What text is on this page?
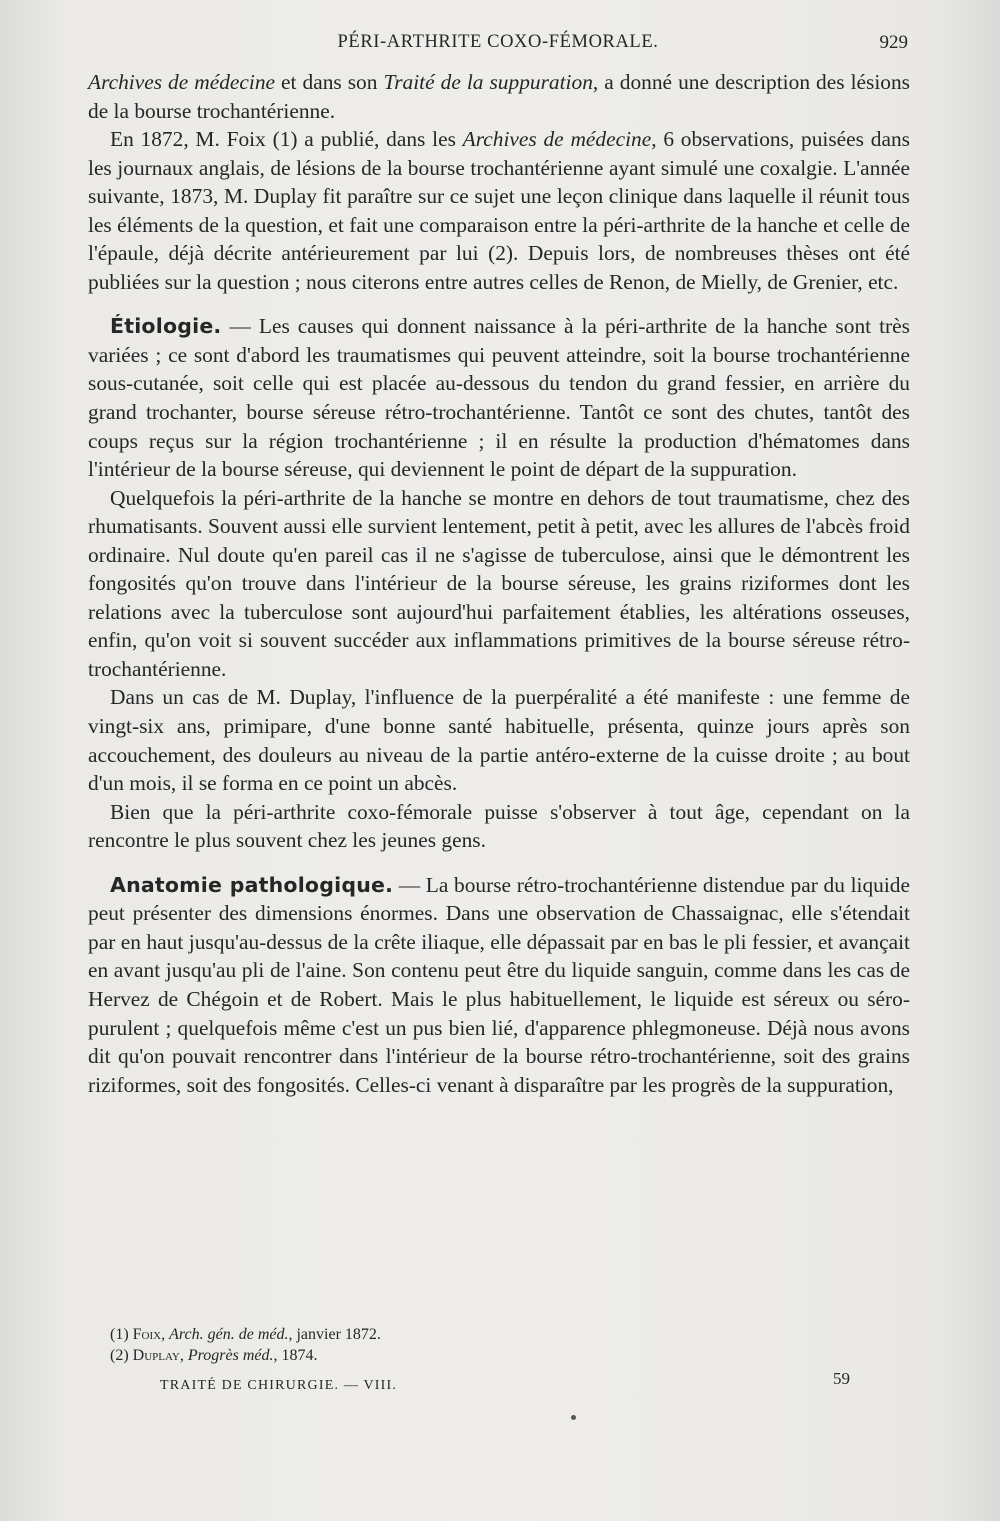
PÉRI-ARTHRITE COXO-FÉMORALE.	929

Archives de médecine et dans son Traité de la suppuration, a donné une description des lésions de la bourse trochantérienne.

En 1872, M. Foix (1) a publié, dans les Archives de médecine, 6 observations, puisées dans les journaux anglais, de lésions de la bourse trochantérienne ayant simulé une coxalgie. L'année suivante, 1873, M. Duplay fit paraître sur ce sujet une leçon clinique dans laquelle il réunit tous les éléments de la question, et fait une comparaison entre la péri-arthrite de la hanche et celle de l'épaule, déjà décrite antérieurement par lui (2). Depuis lors, de nombreuses thèses ont été publiées sur la question ; nous citerons entre autres celles de Renon, de Mielly, de Grenier, etc.

Étiologie. — Les causes qui donnent naissance à la péri-arthrite de la hanche sont très variées ; ce sont d'abord les traumatismes qui peuvent atteindre, soit la bourse trochantérienne sous-cutanée, soit celle qui est placée au-dessous du tendon du grand fessier, en arrière du grand trochanter, bourse séreuse rétro-trochantérienne. Tantôt ce sont des chutes, tantôt des coups reçus sur la région trochantérienne ; il en résulte la production d'hématomes dans l'intérieur de la bourse séreuse, qui deviennent le point de départ de la suppuration.

Quelquefois la péri-arthrite de la hanche se montre en dehors de tout traumatisme, chez des rhumatisants. Souvent aussi elle survient lentement, petit à petit, avec les allures de l'abcès froid ordinaire. Nul doute qu'en pareil cas il ne s'agisse de tuberculose, ainsi que le démontrent les fongosités qu'on trouve dans l'intérieur de la bourse séreuse, les grains riziformes dont les relations avec la tuberculose sont aujourd'hui parfaitement établies, les altérations osseuses, enfin, qu'on voit si souvent succéder aux inflammations primitives de la bourse séreuse rétro-trochantérienne.

Dans un cas de M. Duplay, l'influence de la puerpéralité a été manifeste : une femme de vingt-six ans, primipare, d'une bonne santé habituelle, présenta, quinze jours après son accouchement, des douleurs au niveau de la partie antéro-externe de la cuisse droite ; au bout d'un mois, il se forma en ce point un abcès.

Bien que la péri-arthrite coxo-fémorale puisse s'observer à tout âge, cependant on la rencontre le plus souvent chez les jeunes gens.

Anatomie pathologique. — La bourse rétro-trochantérienne distendue par du liquide peut présenter des dimensions énormes. Dans une observation de Chassaignac, elle s'étendait par en haut jusqu'au-dessus de la crête iliaque, elle dépassait par en bas le pli fessier, et avançait en avant jusqu'au pli de l'aine. Son contenu peut être du liquide sanguin, comme dans les cas de Hervez de Chégoin et de Robert. Mais le plus habituellement, le liquide est séreux ou séro-purulent ; quelquefois même c'est un pus bien lié, d'apparence phlegmoneuse. Déjà nous avons dit qu'on pouvait rencontrer dans l'intérieur de la bourse rétro-trochantérienne, soit des grains riziformes, soit des fongosités. Celles-ci venant à disparaître par les progrès de la suppuration,

(1) Foix, Arch. gén. de méd., janvier 1872.

(2) Duplay, Progrès méd., 1874.

TRAITÉ DE CHIRURGIE. — VIII.	59
